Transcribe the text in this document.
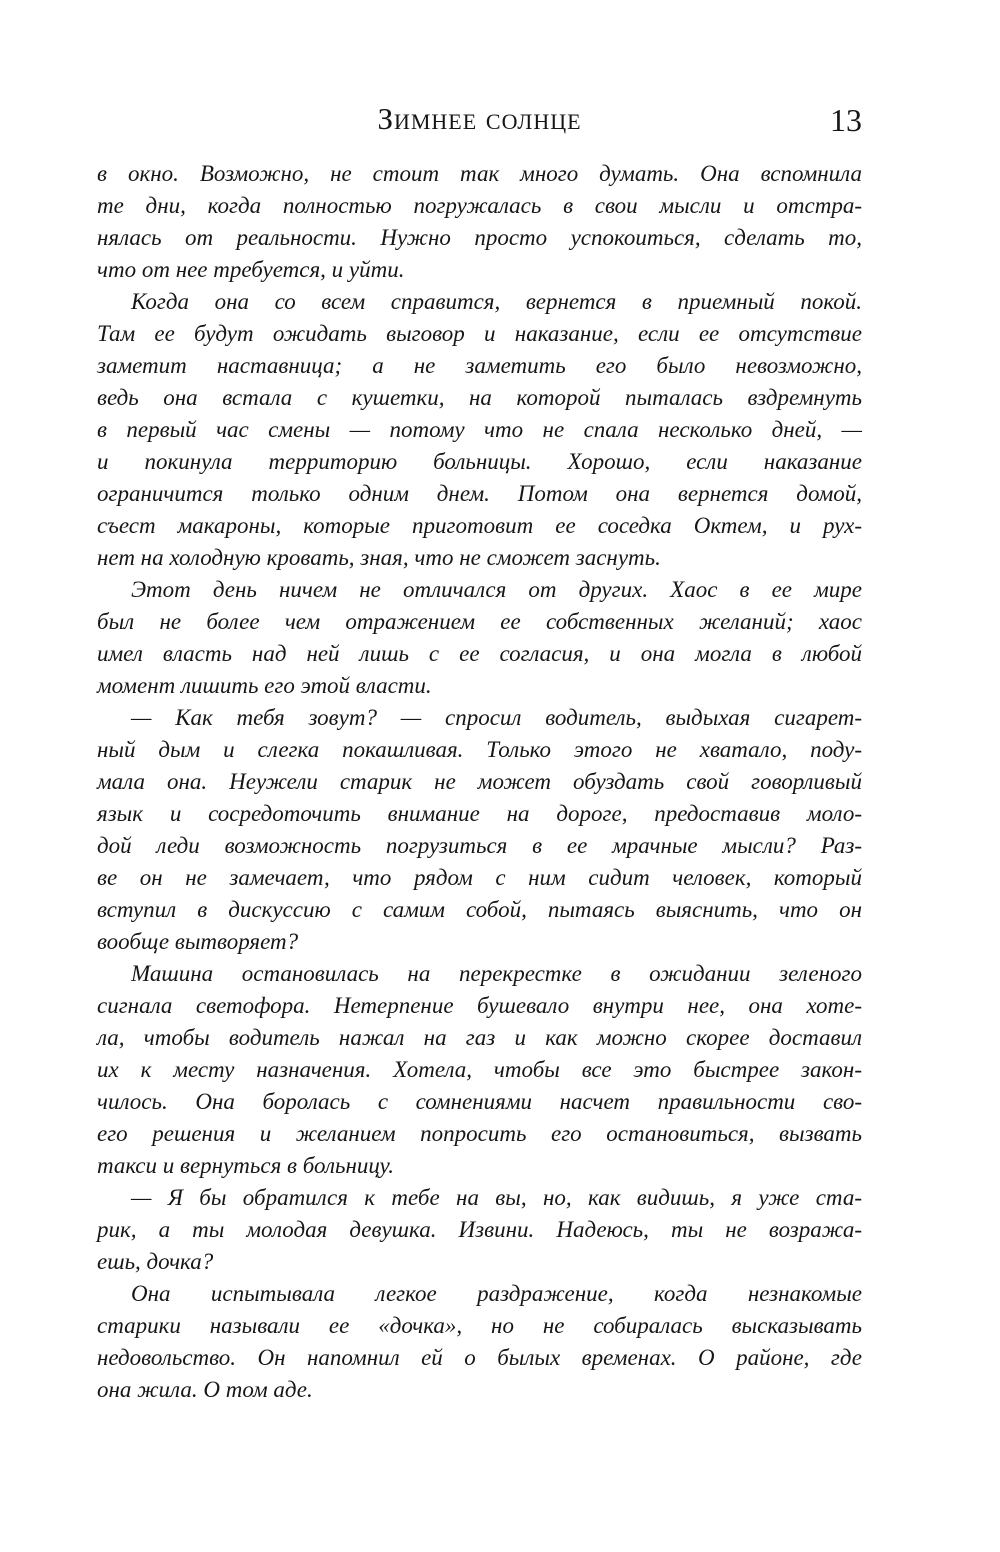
Зимнее солнце	13
в окно. Возможно, не стоит так много думать. Она вспомнила
те дни, когда полностью погружалась в свои мысли и отстра-
нялась от реальности. Нужно просто успокоиться, сделать то,
что от нее требуется, и уйти.
Когда она со всем справится, вернется в приемный покой.
Там ее будут ожидать выговор и наказание, если ее отсутствие
заметит наставница; а не заметить его было невозможно,
ведь она встала с кушетки, на которой пыталась вздремнуть
в первый час смены — потому что не спала несколько дней, —
и покинула территорию больницы. Хорошо, если наказание
ограничится только одним днем. Потом она вернется домой,
съест макароны, которые приготовит ее соседка Октем, и рух-
нет на холодную кровать, зная, что не сможет заснуть.
Этот день ничем не отличался от других. Хаос в ее мире
был не более чем отражением ее собственных желаний; хаос
имел власть над ней лишь с ее согласия, и она могла в любой
момент лишить его этой власти.
— Как тебя зовут? — спросил водитель, выдыхая сигарет-
ный дым и слегка покашливая. Только этого не хватало, поду-
мала она. Неужели старик не может обуздать свой говорливый
язык и сосредоточить внимание на дороге, предоставив моло-
дой леди возможность погрузиться в ее мрачные мысли? Раз-
ве он не замечает, что рядом с ним сидит человек, который
вступил в дискуссию с самим собой, пытаясь выяснить, что он
вообще вытворяет?
Машина остановилась на перекрестке в ожидании зеленого
сигнала светофора. Нетерпение бушевало внутри нее, она хоте-
ла, чтобы водитель нажал на газ и как можно скорее доставил
их к месту назначения. Хотела, чтобы все это быстрее закон-
чилось. Она боролась с сомнениями насчет правильности сво-
его решения и желанием попросить его остановиться, вызвать
такси и вернуться в больницу.
— Я бы обратился к тебе на вы, но, как видишь, я уже ста-
рик, а ты молодая девушка. Извини. Надеюсь, ты не возража-
ешь, дочка?
Она испытывала легкое раздражение, когда незнакомые
старики называли ее «дочка», но не собиралась высказывать
недовольство. Он напомнил ей о былых временах. О районе, где
она жила. О том аде.
